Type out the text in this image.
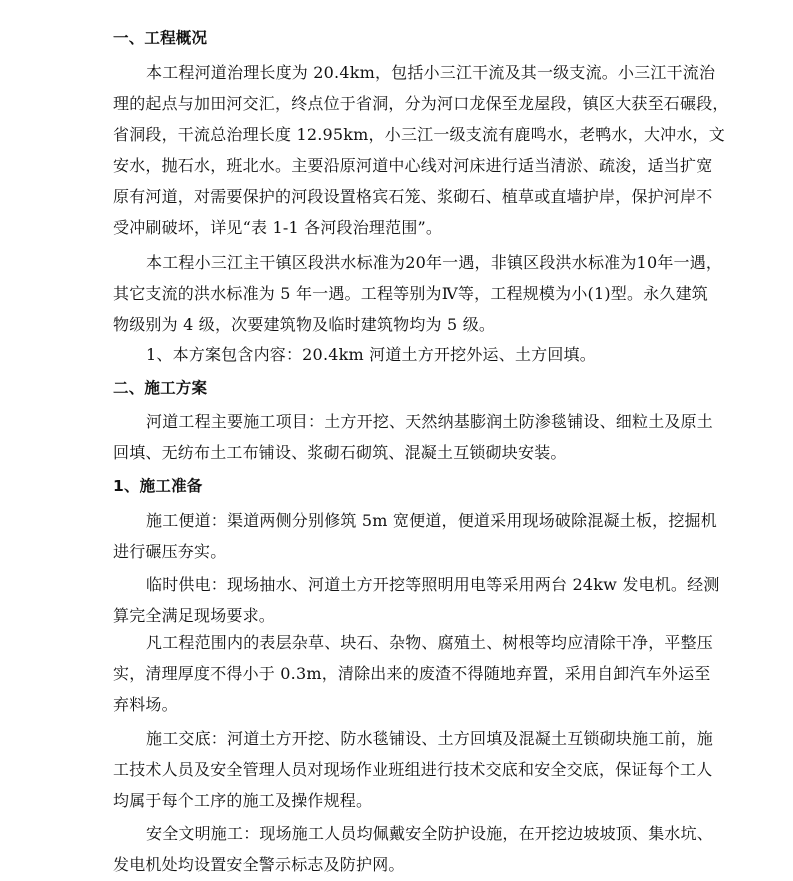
一、工程概况
本工程河道治理长度为 20.4km，包括小三江干流及其一级支流。小三江干流治
理的起点与加田河交汇，终点位于省洞，分为河口龙保至龙屋段，镇区大获至石碾段，
省洞段，干流总治理长度 12.95km，小三江一级支流有鹿鸣水，老鸭水，大冲水，文
安水，抛石水，班北水。主要沿原河道中心线对河床进行适当清淤、疏浚，适当扩宽
原有河道，对需要保护的河段设置格宾石笼、浆砌石、植草或直墙护岸，保护河岸不
受冲刷破坏，详见“表 1-1 各河段治理范围”。
本工程小三江主干镇区段洪水标准为20年一遇，非镇区段洪水标准为10年一遇，
其它支流的洪水标准为 5 年一遇。工程等别为Ⅳ等，工程规模为小(1)型。永久建筑
物级别为 4 级，次要建筑物及临时建筑物均为 5 级。
1、本方案包含内容：20.4km 河道土方开挖外运、土方回填。
二、施工方案
河道工程主要施工项目：土方开挖、天然纳基膨润土防渗毯铺设、细粒土及原土
回填、无纺布土工布铺设、浆砌石砌筑、混凝土互锁砌块安装。
1、施工准备
施工便道：渠道两侧分别修筑 5m 宽便道，便道采用现场破除混凝土板，挖掘机
进行碾压夯实。
临时供电：现场抽水、河道土方开挖等照明用电等采用两台 24kw 发电机。经测
算完全满足现场要求。
凡工程范围内的表层杂草、块石、杂物、腐殖土、树根等均应清除干净，平整压
实，清理厚度不得小于 0.3m，清除出来的废渣不得随地弃置，采用自卸汽车外运至
弃料场。
施工交底：河道土方开挖、防水毯铺设、土方回填及混凝土互锁砌块施工前，施
工技术人员及安全管理人员对现场作业班组进行技术交底和安全交底，保证每个工人
均属于每个工序的施工及操作规程。
安全文明施工：现场施工人员均佩戴安全防护设施，在开挖边坡坡顶、集水坑、
发电机处均设置安全警示标志及防护网。
